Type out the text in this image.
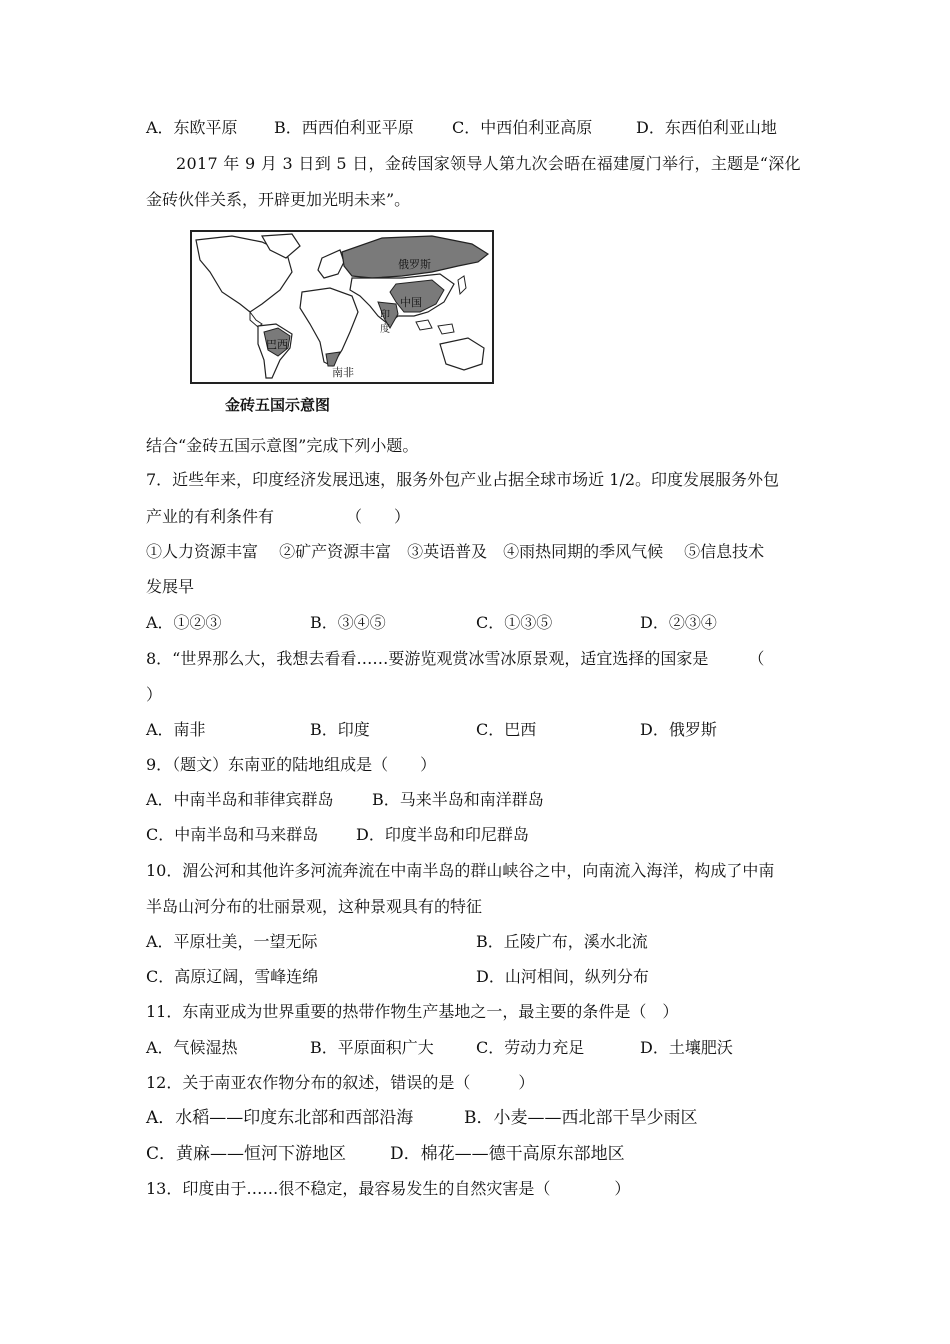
A．东欧平原 B．西西伯利亚平原 C．中西伯利亚高原	D．东西伯利亚山地
2017 年 9 月 3 日到 5 日，金砖国家领导人第九次会晤在福建厦门举行，主题是“深化
金砖伙伴关系，开辟更加光明未来”。
俄罗斯
中国
印
度
巴西
南非
金砖五国示意图
结合“金砖五国示意图”完成下列小题。
7．近些年来，印度经济发展迅速，服务外包产业占据全球市场近 1/2。印度发展服务外包
产业的有利条件有　　　　　（　　）
①人力资源丰富　 ②矿产资源丰富　③英语普及　④雨热同期的季风气候　 ⑤信息技术
发展早
A．①②③	B．③④⑤	C．①③⑤	D．②③④
8．“世界那么大，我想去看看……要游览观赏冰雪冰原景观，适宜选择的国家是　　　（
）
A．南非	B．印度	C．巴西	D．俄罗斯
9．（题文）东南亚的陆地组成是（　　）
A．中南半岛和菲律宾群岛 B．马来半岛和南洋群岛
C．中南半岛和马来群岛 D．印度半岛和印尼群岛
10．湄公河和其他许多河流奔流在中南半岛的群山峡谷之中，向南流入海洋，构成了中南
半岛山河分布的壮丽景观，这种景观具有的特征
A．平原壮美，一望无际	B．丘陵广布，溪水北流
C．高原辽阔，雪峰连绵	D．山河相间，纵列分布
11．东南亚成为世界重要的热带作物生产基地之一，最主要的条件是（　）
A．气候湿热	B．平原面积广大	C．劳动力充足	D．土壤肥沃
12．关于南亚农作物分布的叙述，错误的是（　　　）
A．水稻——印度东北部和西部沿海	B．小麦——西北部干旱少雨区
C．黄麻——恒河下游地区	D．棉花——德干高原东部地区
13．印度由于……很不稳定，最容易发生的自然灾害是（　　　　）
